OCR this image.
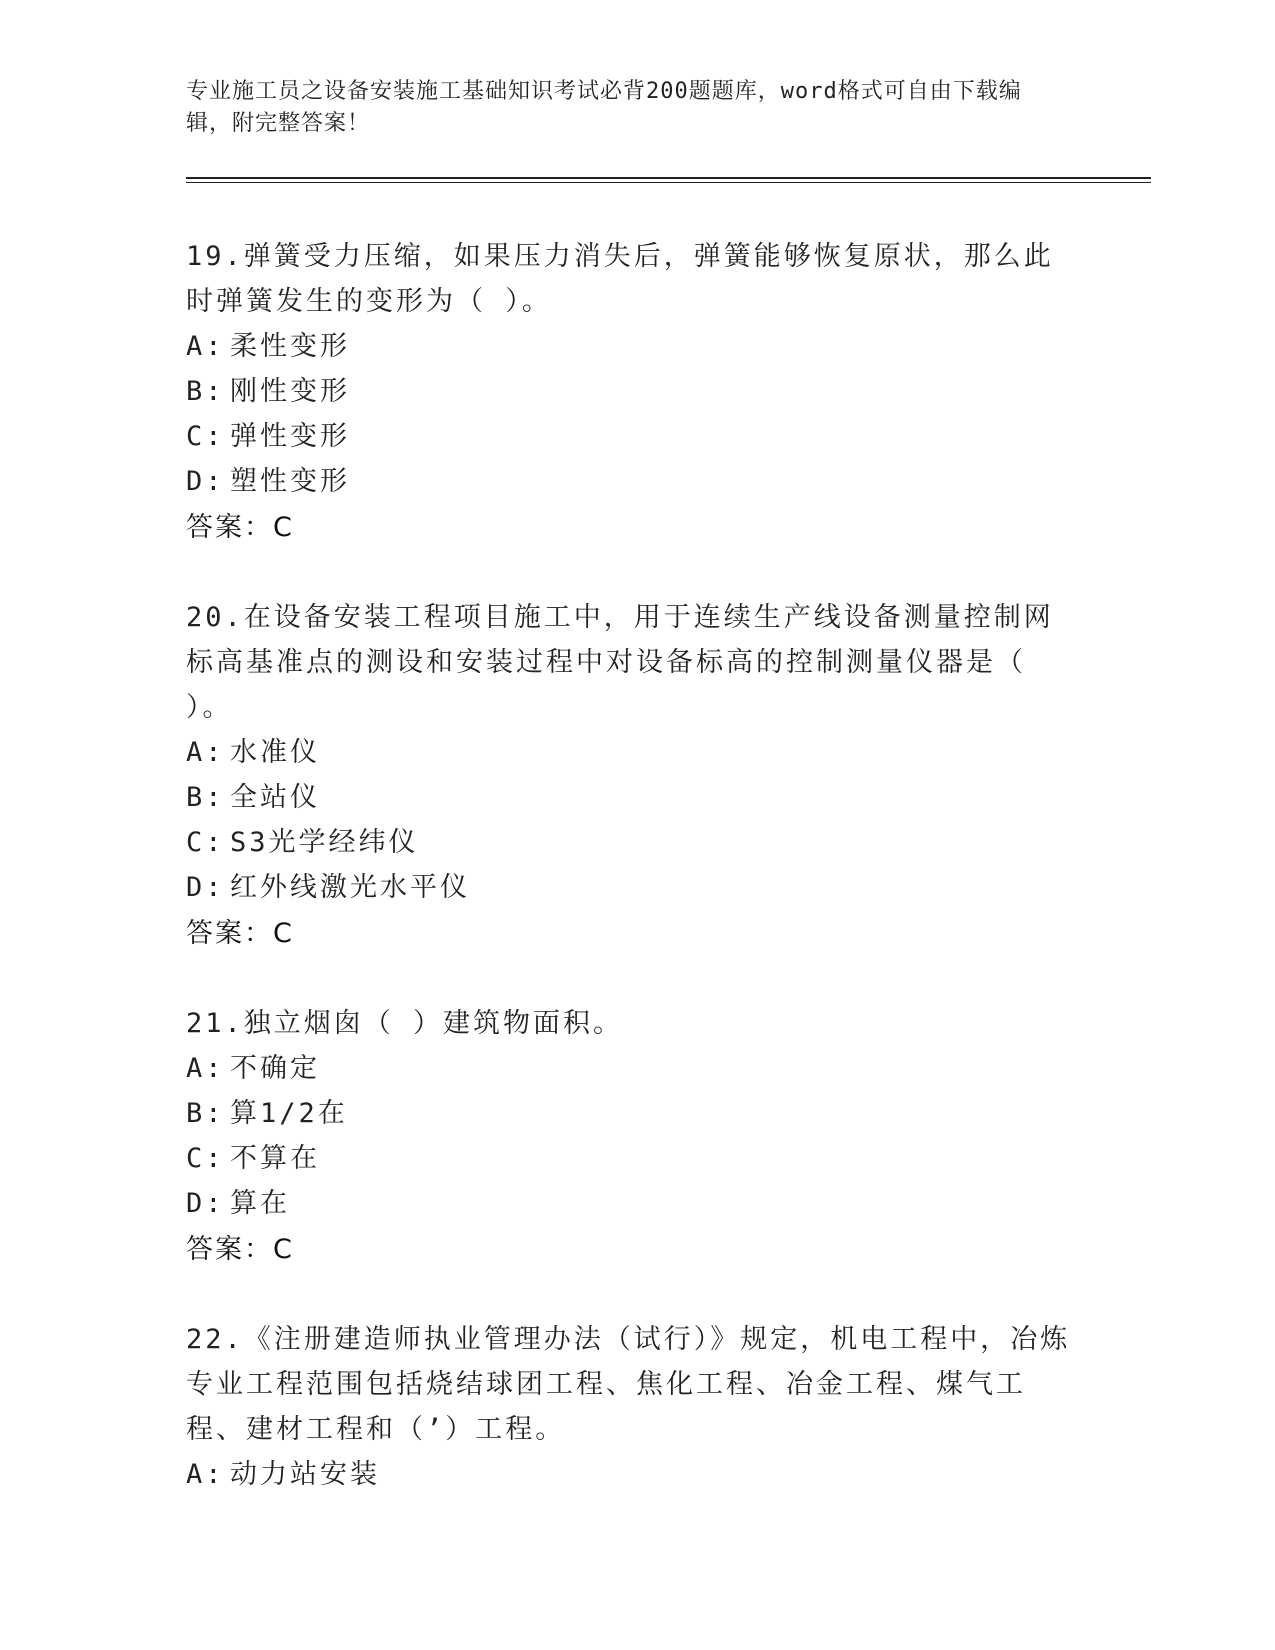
专业施工员之设备安装施工基础知识考试必背200题题库，word格式可自由下载编辑，附完整答案！

19.弹簧受力压缩，如果压力消失后，弹簧能够恢复原状，那么此时弹簧发生的变形为（ ）。

A: 柔性变形

B: 刚性变形

C: 弹性变形

D: 塑性变形

答案：C

20.在设备安装工程项目施工中，用于连续生产线设备测量控制网标高基准点的测设和安装过程中对设备标高的控制测量仪器是（ ）。

A: 水准仪

B: 全站仪

C: S3光学经纬仪

D: 红外线激光水平仪

答案：C

21.独立烟囱（ ）建筑物面积。

A: 不确定

B: 算1/2在

C: 不算在

D: 算在

答案：C

22.《注册建造师执业管理办法（试行）》规定，机电工程中，冶炼专业工程范围包括烧结球团工程、焦化工程、冶金工程、煤气工程、建材工程和（’）工程。

A: 动力站安装
